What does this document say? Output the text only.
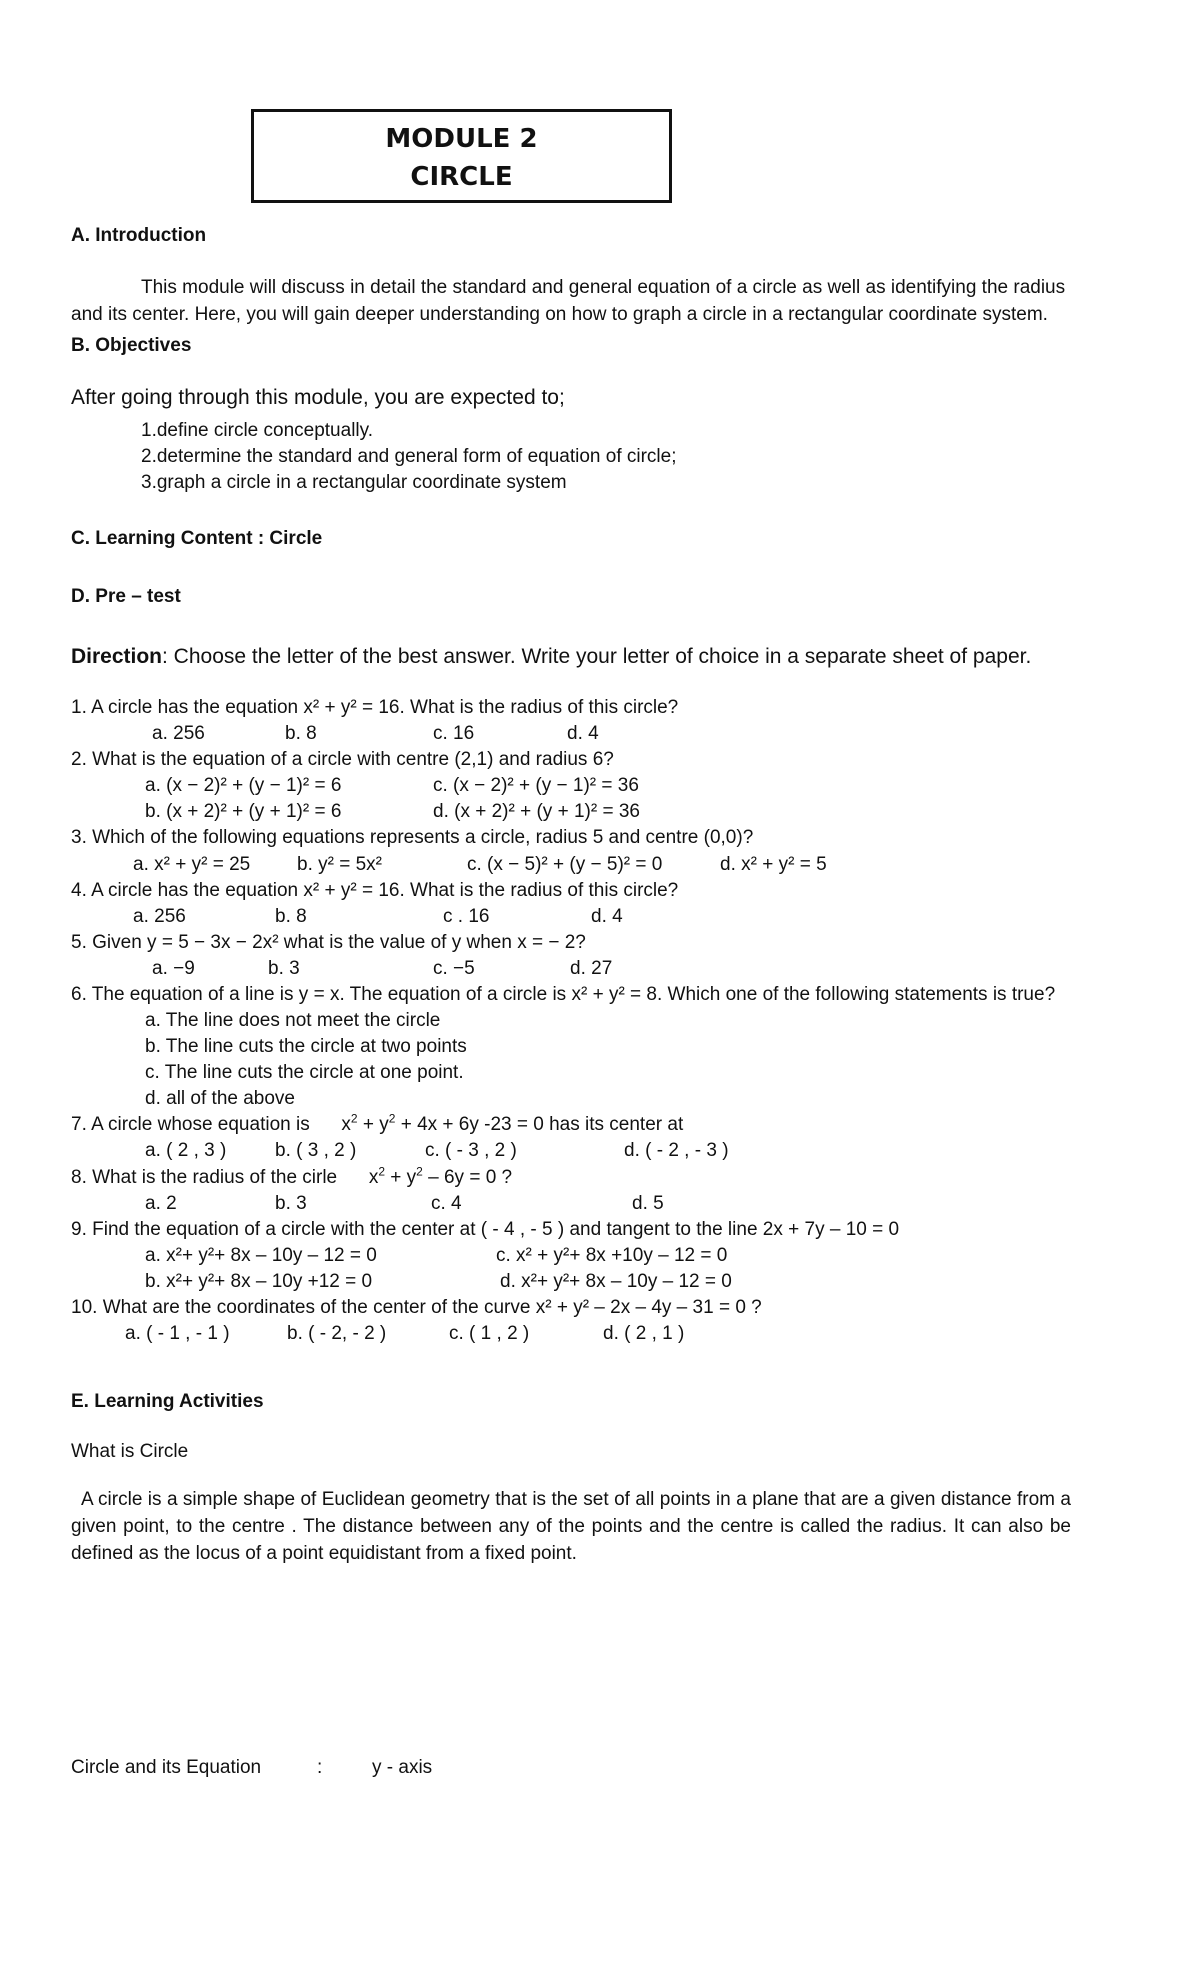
MODULE 2
CIRCLE
A. Introduction
This module will discuss in detail the standard and general equation of a circle as well as identifying the radius
and its center. Here, you will gain deeper understanding on how to graph a circle in a rectangular coordinate system.
B. Objectives
After going through this module, you are expected to;
1.define circle conceptually.
2.determine the standard and general form of equation of circle;
3.graph a circle in a rectangular coordinate system
C. Learning Content : Circle
D. Pre – test
Direction: Choose the letter of the best answer. Write your letter of choice in a separate sheet of paper.
1. A circle has the equation x² + y² = 16. What is the radius of this circle?
a. 256	b. 8	c. 16	d. 4
2. What is the equation of a circle with centre (2,1) and radius 6?
a. (x − 2)² + (y − 1)² = 6	c. (x − 2)² + (y − 1)² = 36
b. (x + 2)² + (y + 1)² = 6	d. (x + 2)² + (y + 1)² = 36
3. Which of the following equations represents a circle, radius 5 and centre (0,0)?
a. x² + y² = 25 b. y² = 5x²	c. (x − 5)² + (y − 5)² = 0	d. x² + y² = 5
4. A circle has the equation x² + y² = 16. What is the radius of this circle?
a. 256	b. 8	c . 16	d. 4
5. Given y = 5 − 3x − 2x² what is the value of y when x = − 2?
a. −9	b. 3	c. −5	d. 27
6. The equation of a line is y = x. The equation of a circle is x² + y² = 8. Which one of the following statements is true?
a. The line does not meet the circle
b. The line cuts the circle at two points
c. The line cuts the circle at one point.
d. all of the above
7. A circle whose equation is $x^2 + y^2 + 4x + 6y$ -23 = 0 has its center at
a. ( 2 , 3 )	b. ( 3 , 2 )	c. ( - 3 , 2 )	d. ( - 2 , - 3 )
8. What is the radius of the cirle $x^2 + y^2 - 6y = 0$ ?
a. 2	b. 3	c. 4	d. 5
9. Find the equation of a circle with the center at ( - 4 , - 5 ) and tangent to the line 2x + 7y – 10 = 0
a. x²+ y²+ 8x – 10y – 12 = 0	c. x² + y²+ 8x +10y – 12 = 0
b. x²+ y²+ 8x – 10y +12 = 0	d. x²+ y²+ 8x – 10y – 12 = 0
10. What are the coordinates of the center of the curve x² + y² – 2x – 4y – 31 = 0 ?
a. ( - 1 , - 1 )	b. ( - 2, - 2 )	c. ( 1 , 2 )	d. ( 2 , 1 )
E. Learning Activities
What is Circle
A circle is a simple shape of Euclidean geometry that is the set of all points in a plane that are a given distance from a given point, to the centre . The distance between any of the points and the centre is called the radius. It can also be defined as the locus of a point equidistant from a fixed point.
Circle and its Equation	:	y - axis
